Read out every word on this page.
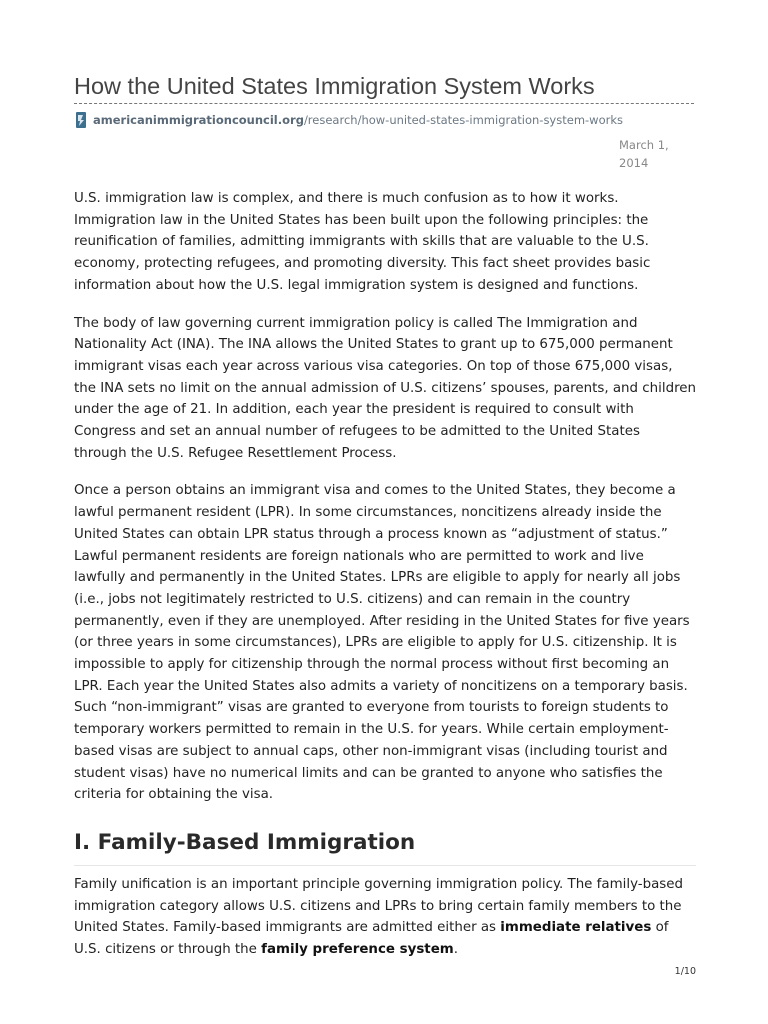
How the United States Immigration System Works
americanimmigrationcouncil.org /research/how-united-states-immigration-system-works
March 1, 2014

U.S. immigration law is complex, and there is much confusion as to how it works. Immigration law in the United States has been built upon the following principles: the reunification of families, admitting immigrants with skills that are valuable to the U.S. economy, protecting refugees, and promoting diversity. This fact sheet provides basic information about how the U.S. legal immigration system is designed and functions.

The body of law governing current immigration policy is called The Immigration and Nationality Act (INA). The INA allows the United States to grant up to 675,000 permanent immigrant visas each year across various visa categories. On top of those 675,000 visas, the INA sets no limit on the annual admission of U.S. citizens’ spouses, parents, and children under the age of 21. In addition, each year the president is required to consult with Congress and set an annual number of refugees to be admitted to the United States through the U.S. Refugee Resettlement Process.

Once a person obtains an immigrant visa and comes to the United States, they become a lawful permanent resident (LPR). In some circumstances, noncitizens already inside the United States can obtain LPR status through a process known as “adjustment of status.” Lawful permanent residents are foreign nationals who are permitted to work and live lawfully and permanently in the United States. LPRs are eligible to apply for nearly all jobs (i.e., jobs not legitimately restricted to U.S. citizens) and can remain in the country permanently, even if they are unemployed. After residing in the United States for five years (or three years in some circumstances), LPRs are eligible to apply for U.S. citizenship. It is impossible to apply for citizenship through the normal process without first becoming an LPR. Each year the United States also admits a variety of noncitizens on a temporary basis. Such “non-immigrant” visas are granted to everyone from tourists to foreign students to temporary workers permitted to remain in the U.S. for years. While certain employment-based visas are subject to annual caps, other non-immigrant visas (including tourist and student visas) have no numerical limits and can be granted to anyone who satisfies the criteria for obtaining the visa.

I. Family-Based Immigration

Family unification is an important principle governing immigration policy. The family-based immigration category allows U.S. citizens and LPRs to bring certain family members to the United States. Family-based immigrants are admitted either as immediate relatives of U.S. citizens or through the family preference system.

1/10
